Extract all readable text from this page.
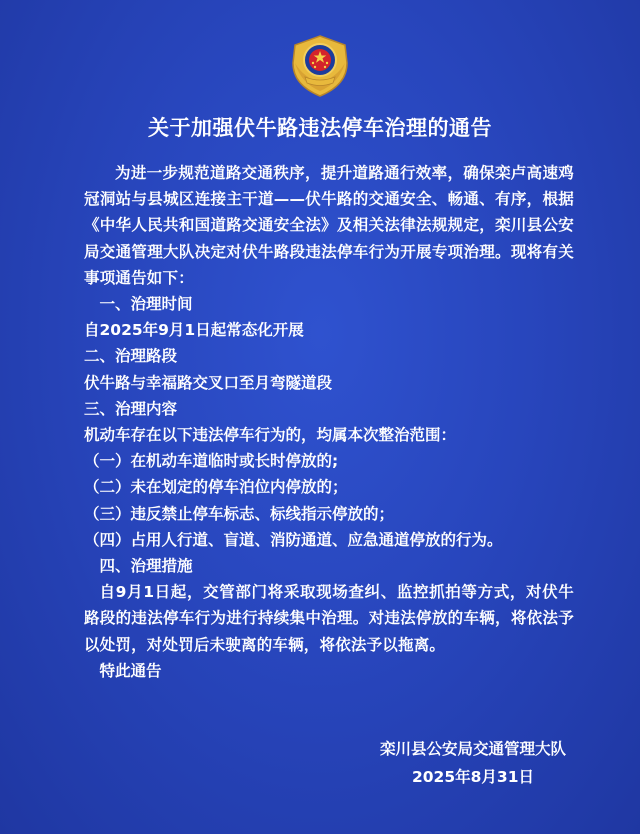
关于加强伏牛路违法停车治理的通告

为进一步规范道路交通秩序，提升道路通行效率，确保栾卢高速鸡冠洞站与县城区连接主干道——伏牛路的交通安全、畅通、有序，根据《中华人民共和国道路交通安全法》及相关法律法规规定，栾川县公安局交通管理大队决定对伏牛路段违法停车行为开展专项治理。现将有关事项通告如下：

一、治理时间

自2025年9月1日起常态化开展

二、治理路段

伏牛路与幸福路交叉口至月弯隧道段

三、治理内容

机动车存在以下违法停车行为的，均属本次整治范围：

（一）在机动车道临时或长时停放的;

（二）未在划定的停车泊位内停放的；

（三）违反禁止停车标志、标线指示停放的；

（四）占用人行道、盲道、消防通道、应急通道停放的行为。

四、治理措施

自9月1日起，交管部门将采取现场查纠、监控抓拍等方式，对伏牛路段的违法停车行为进行持续集中治理。对违法停放的车辆，将依法予以处罚，对处罚后未驶离的车辆，将依法予以拖离。

特此通告

栾川县公安局交通管理大队
2025年8月31日
